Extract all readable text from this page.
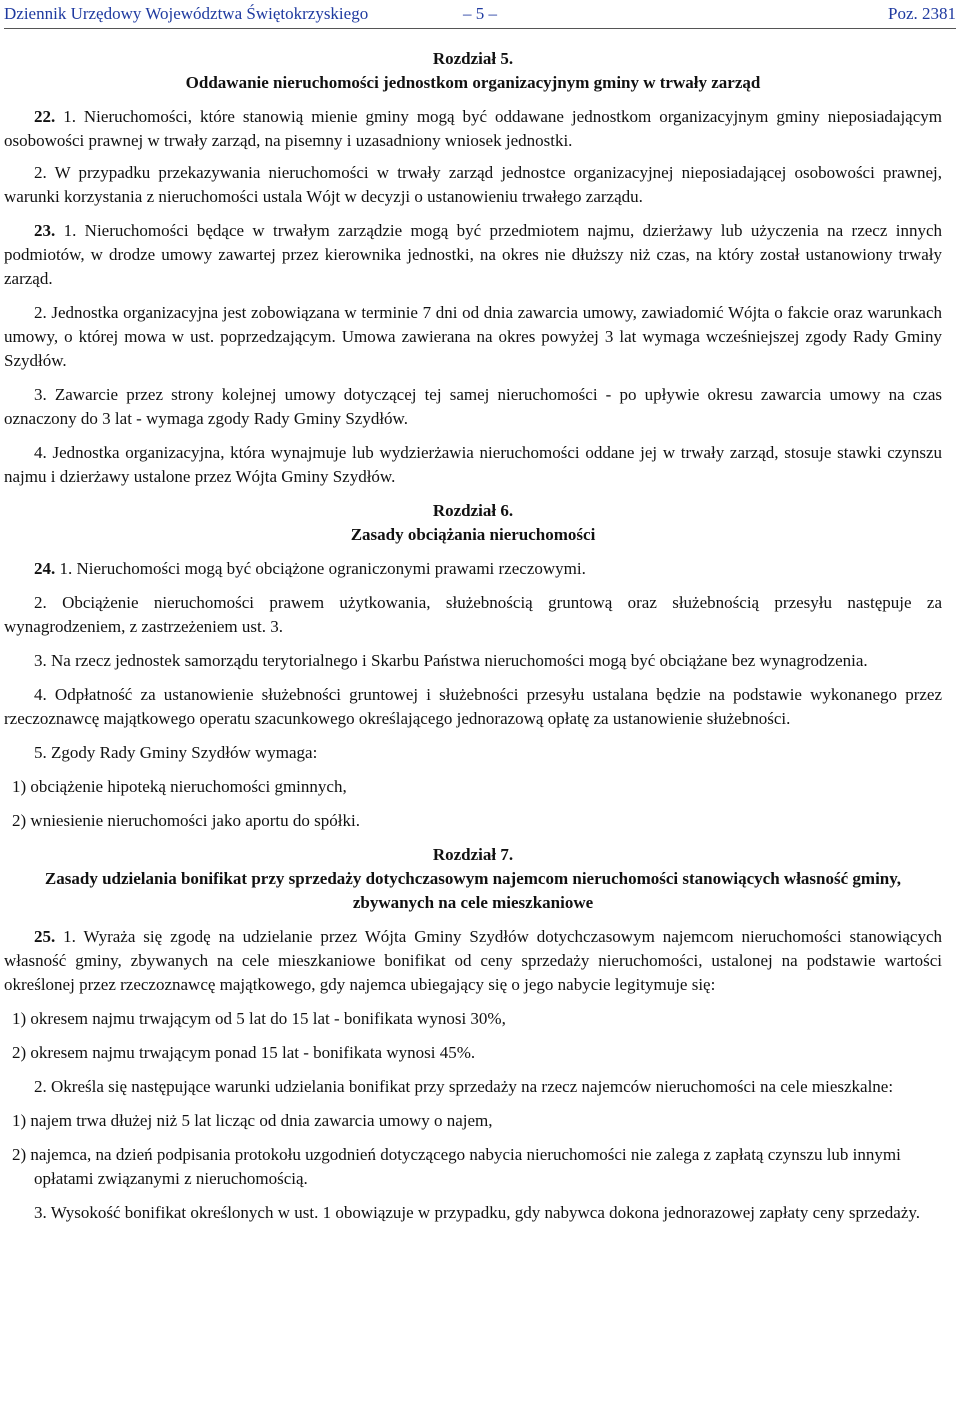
Dziennik Urzędowy Województwa Świętokrzyskiego	– 5 –	Poz. 2381
Rozdział 5.
Oddawanie nieruchomości jednostkom organizacyjnym gminy w trwały zarząd

22. 1. Nieruchomości, które stanowią mienie gminy mogą być oddawane jednostkom organizacyjnym gminy nieposiadającym osobowości prawnej w trwały zarząd, na pisemny i uzasadniony wniosek jednostki.

2. W przypadku przekazywania nieruchomości w trwały zarząd jednostce organizacyjnej nieposiadającej osobowości prawnej, warunki korzystania z nieruchomości ustala Wójt w decyzji o ustanowieniu trwałego zarządu.

23. 1. Nieruchomości będące w trwałym zarządzie mogą być przedmiotem najmu, dzierżawy lub użyczenia na rzecz innych podmiotów, w drodze umowy zawartej przez kierownika jednostki, na okres nie dłuższy niż czas, na który został ustanowiony trwały zarząd.

2. Jednostka organizacyjna jest zobowiązana w terminie 7 dni od dnia zawarcia umowy, zawiadomić Wójta o fakcie oraz warunkach umowy, o której mowa w ust. poprzedzającym. Umowa zawierana na okres powyżej 3 lat wymaga wcześniejszej zgody Rady Gminy Szydłów.

3. Zawarcie przez strony kolejnej umowy dotyczącej tej samej nieruchomości - po upływie okresu zawarcia umowy na czas oznaczony do 3 lat - wymaga zgody Rady Gminy Szydłów.

4. Jednostka organizacyjna, która wynajmuje lub wydzierżawia nieruchomości oddane jej w trwały zarząd, stosuje stawki czynszu najmu i dzierżawy ustalone przez Wójta Gminy Szydłów.

Rozdział 6.
Zasady obciążania nieruchomości

24. 1. Nieruchomości mogą być obciążone ograniczonymi prawami rzeczowymi.

2. Obciążenie nieruchomości prawem użytkowania, służebnością gruntową oraz służebnością przesyłu następuje za wynagrodzeniem, z zastrzeżeniem ust. 3.

3. Na rzecz jednostek samorządu terytorialnego i Skarbu Państwa nieruchomości mogą być obciążane bez wynagrodzenia.

4. Odpłatność za ustanowienie służebności gruntowej i służebności przesyłu ustalana będzie na podstawie wykonanego przez rzeczoznawcę majątkowego operatu szacunkowego określającego jednorazową opłatę za ustanowienie służebności.

5. Zgody Rady Gminy Szydłów wymaga:

1) obciążenie hipoteką nieruchomości gminnych,
2) wniesienie nieruchomości jako aportu do spółki.
Rozdział 7.
Zasady udzielania bonifikat przy sprzedaży dotychczasowym najemcom nieruchomości stanowiących własność gminy, zbywanych na cele mieszkaniowe

25. 1. Wyraża się zgodę na udzielanie przez Wójta Gminy Szydłów dotychczasowym najemcom nieruchomości stanowiących własność gminy, zbywanych na cele mieszkaniowe bonifikat od ceny sprzedaży nieruchomości, ustalonej na podstawie wartości określonej przez rzeczoznawcę majątkowego, gdy najemca ubiegający się o jego nabycie legitymuje się:

1) okresem najmu trwającym od 5 lat do 15 lat - bonifikata wynosi 30%,
2) okresem najmu trwającym ponad 15 lat - bonifikata wynosi 45%.

2. Określa się następujące warunki udzielania bonifikat przy sprzedaży na rzecz najemców nieruchomości na cele mieszkalne:

1) najem trwa dłużej niż 5 lat licząc od dnia zawarcia umowy o najem,
2) najemca, na dzień podpisania protokołu uzgodnień dotyczącego nabycia nieruchomości nie zalega z zapłatą czynszu lub innymi opłatami związanymi z nieruchomością.

3. Wysokość bonifikat określonych w ust. 1 obowiązuje w przypadku, gdy nabywca dokona jednorazowej zapłaty ceny sprzedaży.
